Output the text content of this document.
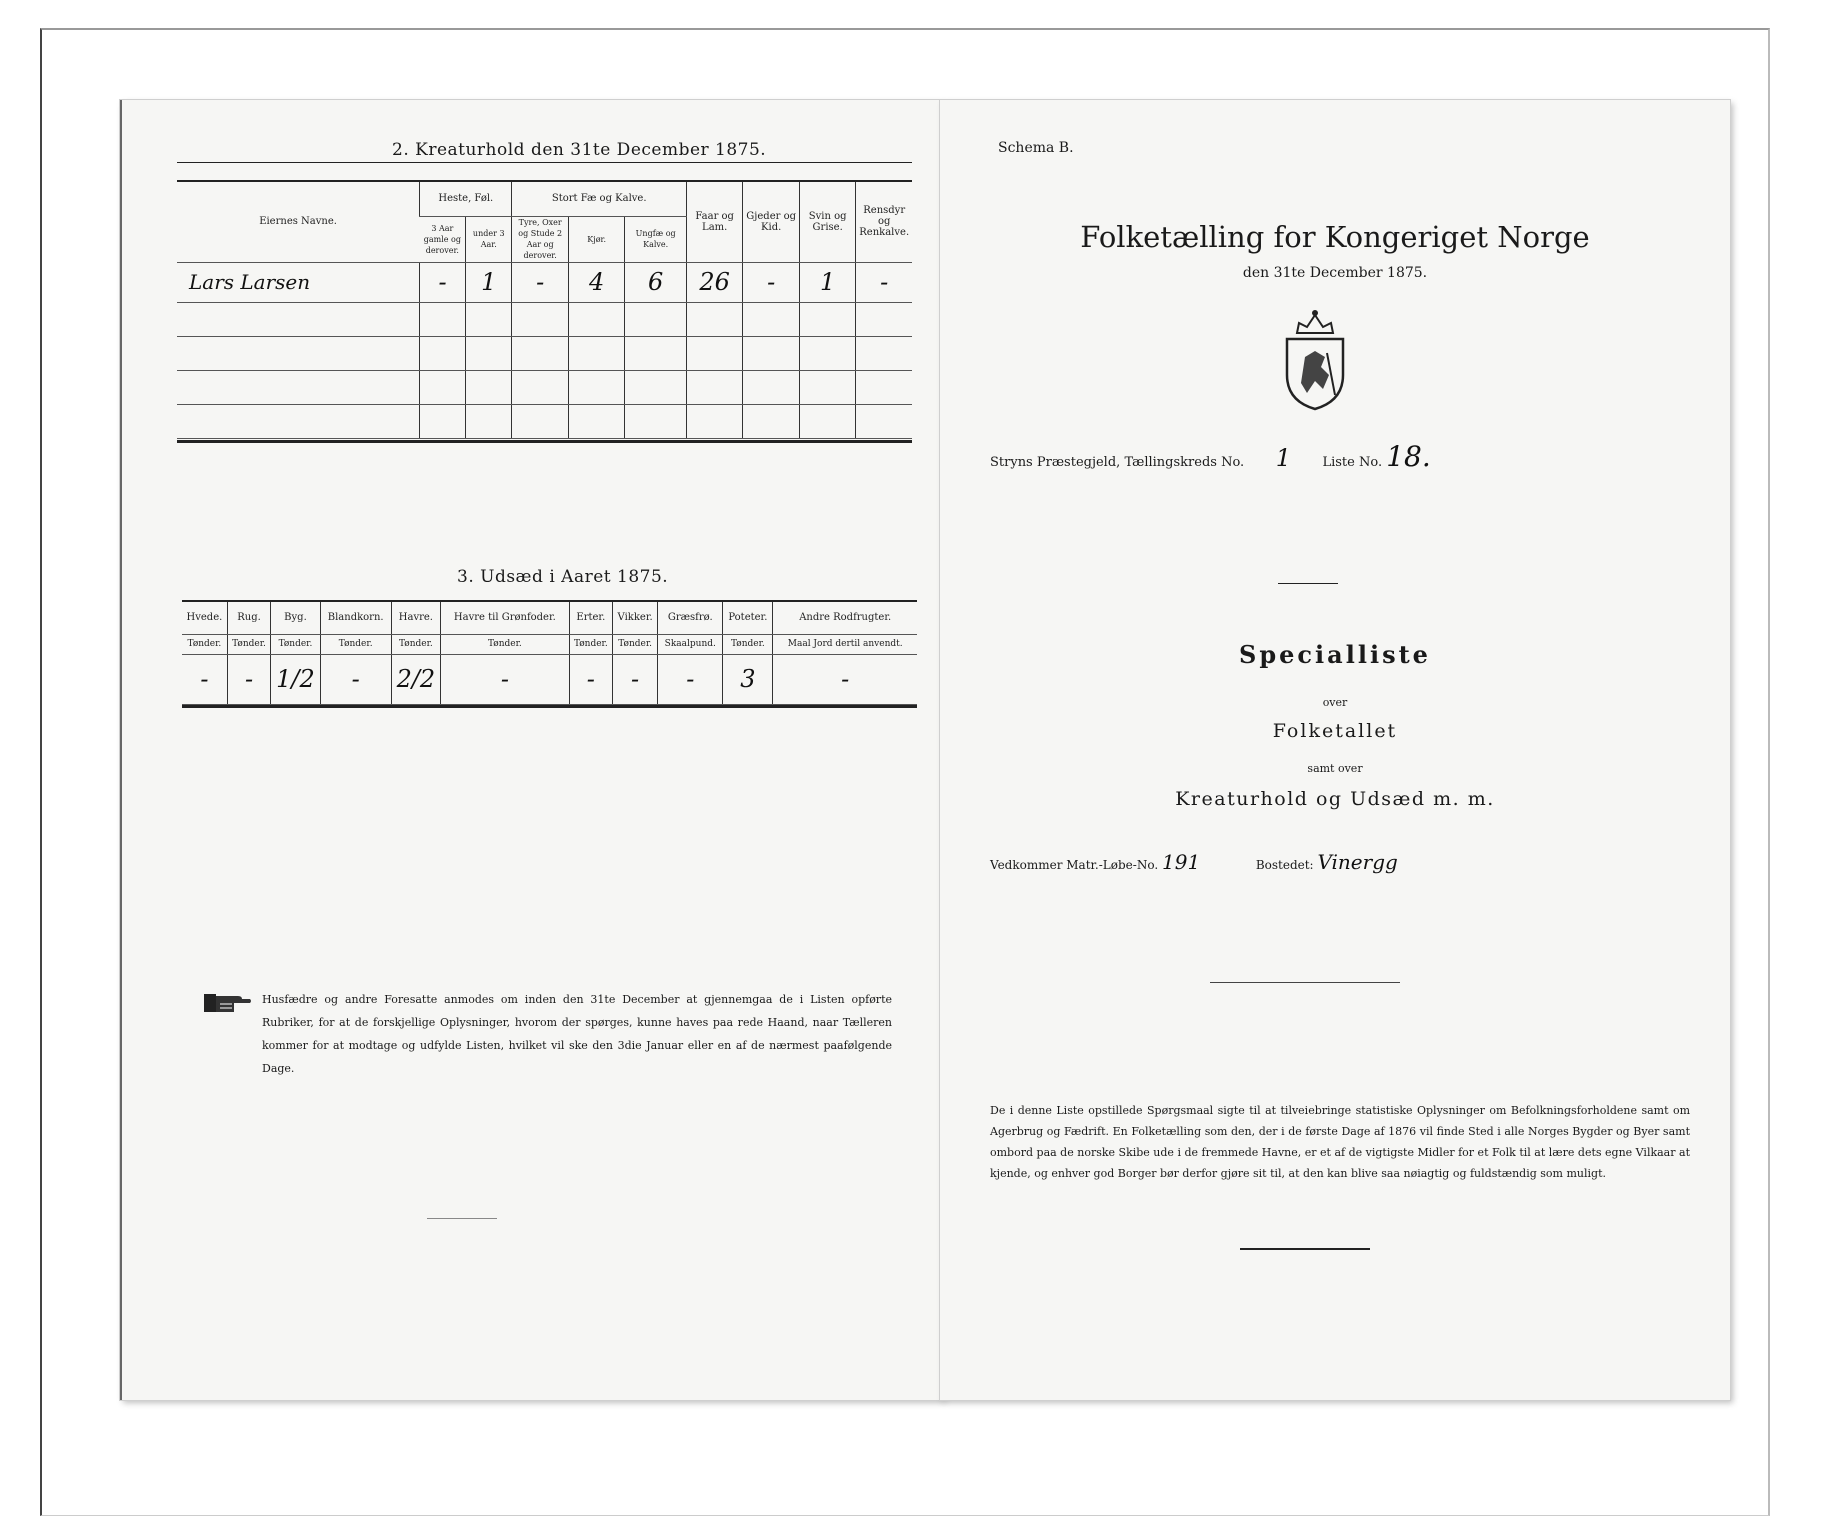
2. Kreaturhold den 31te December 1875.
Eiernes Navne.	Heste, Føl.		Stort Fæ og Kalve.			Faar og Lam.	Gjeder og Kid.	Svin og Grise.	Rensdyr og Renkalve.
	3 Aar gamle og derover.	under 3 Aar.	Tyre, Oxer og Stude 2 Aar og derover.	Kjør.	Ungfæ og Kalve.				
Lars Larsen	-	1	-	4	6	26	-	1	-

3. Udsæd i Aaret 1875.
Hvede.	Rug.	Byg.	Blandkorn.	Havre.	Havre til Grønfoder.	Erter.	Vikker.	Græsfrø.	Poteter.	Andre Rodfrugter.
Tønder.	Tønder.	Tønder.	Tønder.	Tønder.	Tønder.	Tønder.	Tønder.	Skaalpund.	Tønder.	Maal Jord dertil anvendt.
-	-	1/2	-	2/2	-	-	-	-	3	-
Husfædre og andre Foresatte anmodes om inden den 31te December at gjennemgaa de i Listen opførte Rubriker, for at de forskjellige Oplysninger, hvorom der spørges, kunne haves paa rede Haand, naar Tælleren kommer for at modtage og udfylde Listen, hvilket vil ske den 3die Januar eller en af de nærmest paafølgende Dage.
Schema B.
Folketælling for Kongeriget Norge
den 31te December 1875.
Stryns Præstegjeld, Tællingskreds No. 1 Liste No. 18.
Specialliste
over
Folketallet
samt over
Kreaturhold og Udsæd m. m.
Vedkommer Matr.-Løbe-No. 191	Bostedet: Vinergg
De i denne Liste opstillede Spørgsmaal sigte til at tilveiebringe statistiske Oplysninger om Befolkningsforholdene samt om Agerbrug og Fædrift. En Folketælling som den, der i de første Dage af 1876 vil finde Sted i alle Norges Bygder og Byer samt ombord paa de norske Skibe ude i de fremmede Havne, er et af de vigtigste Midler for et Folk til at lære dets egne Vilkaar at kjende, og enhver god Borger bør derfor gjøre sit til, at den kan blive saa nøiagtig og fuldstændig som muligt.
